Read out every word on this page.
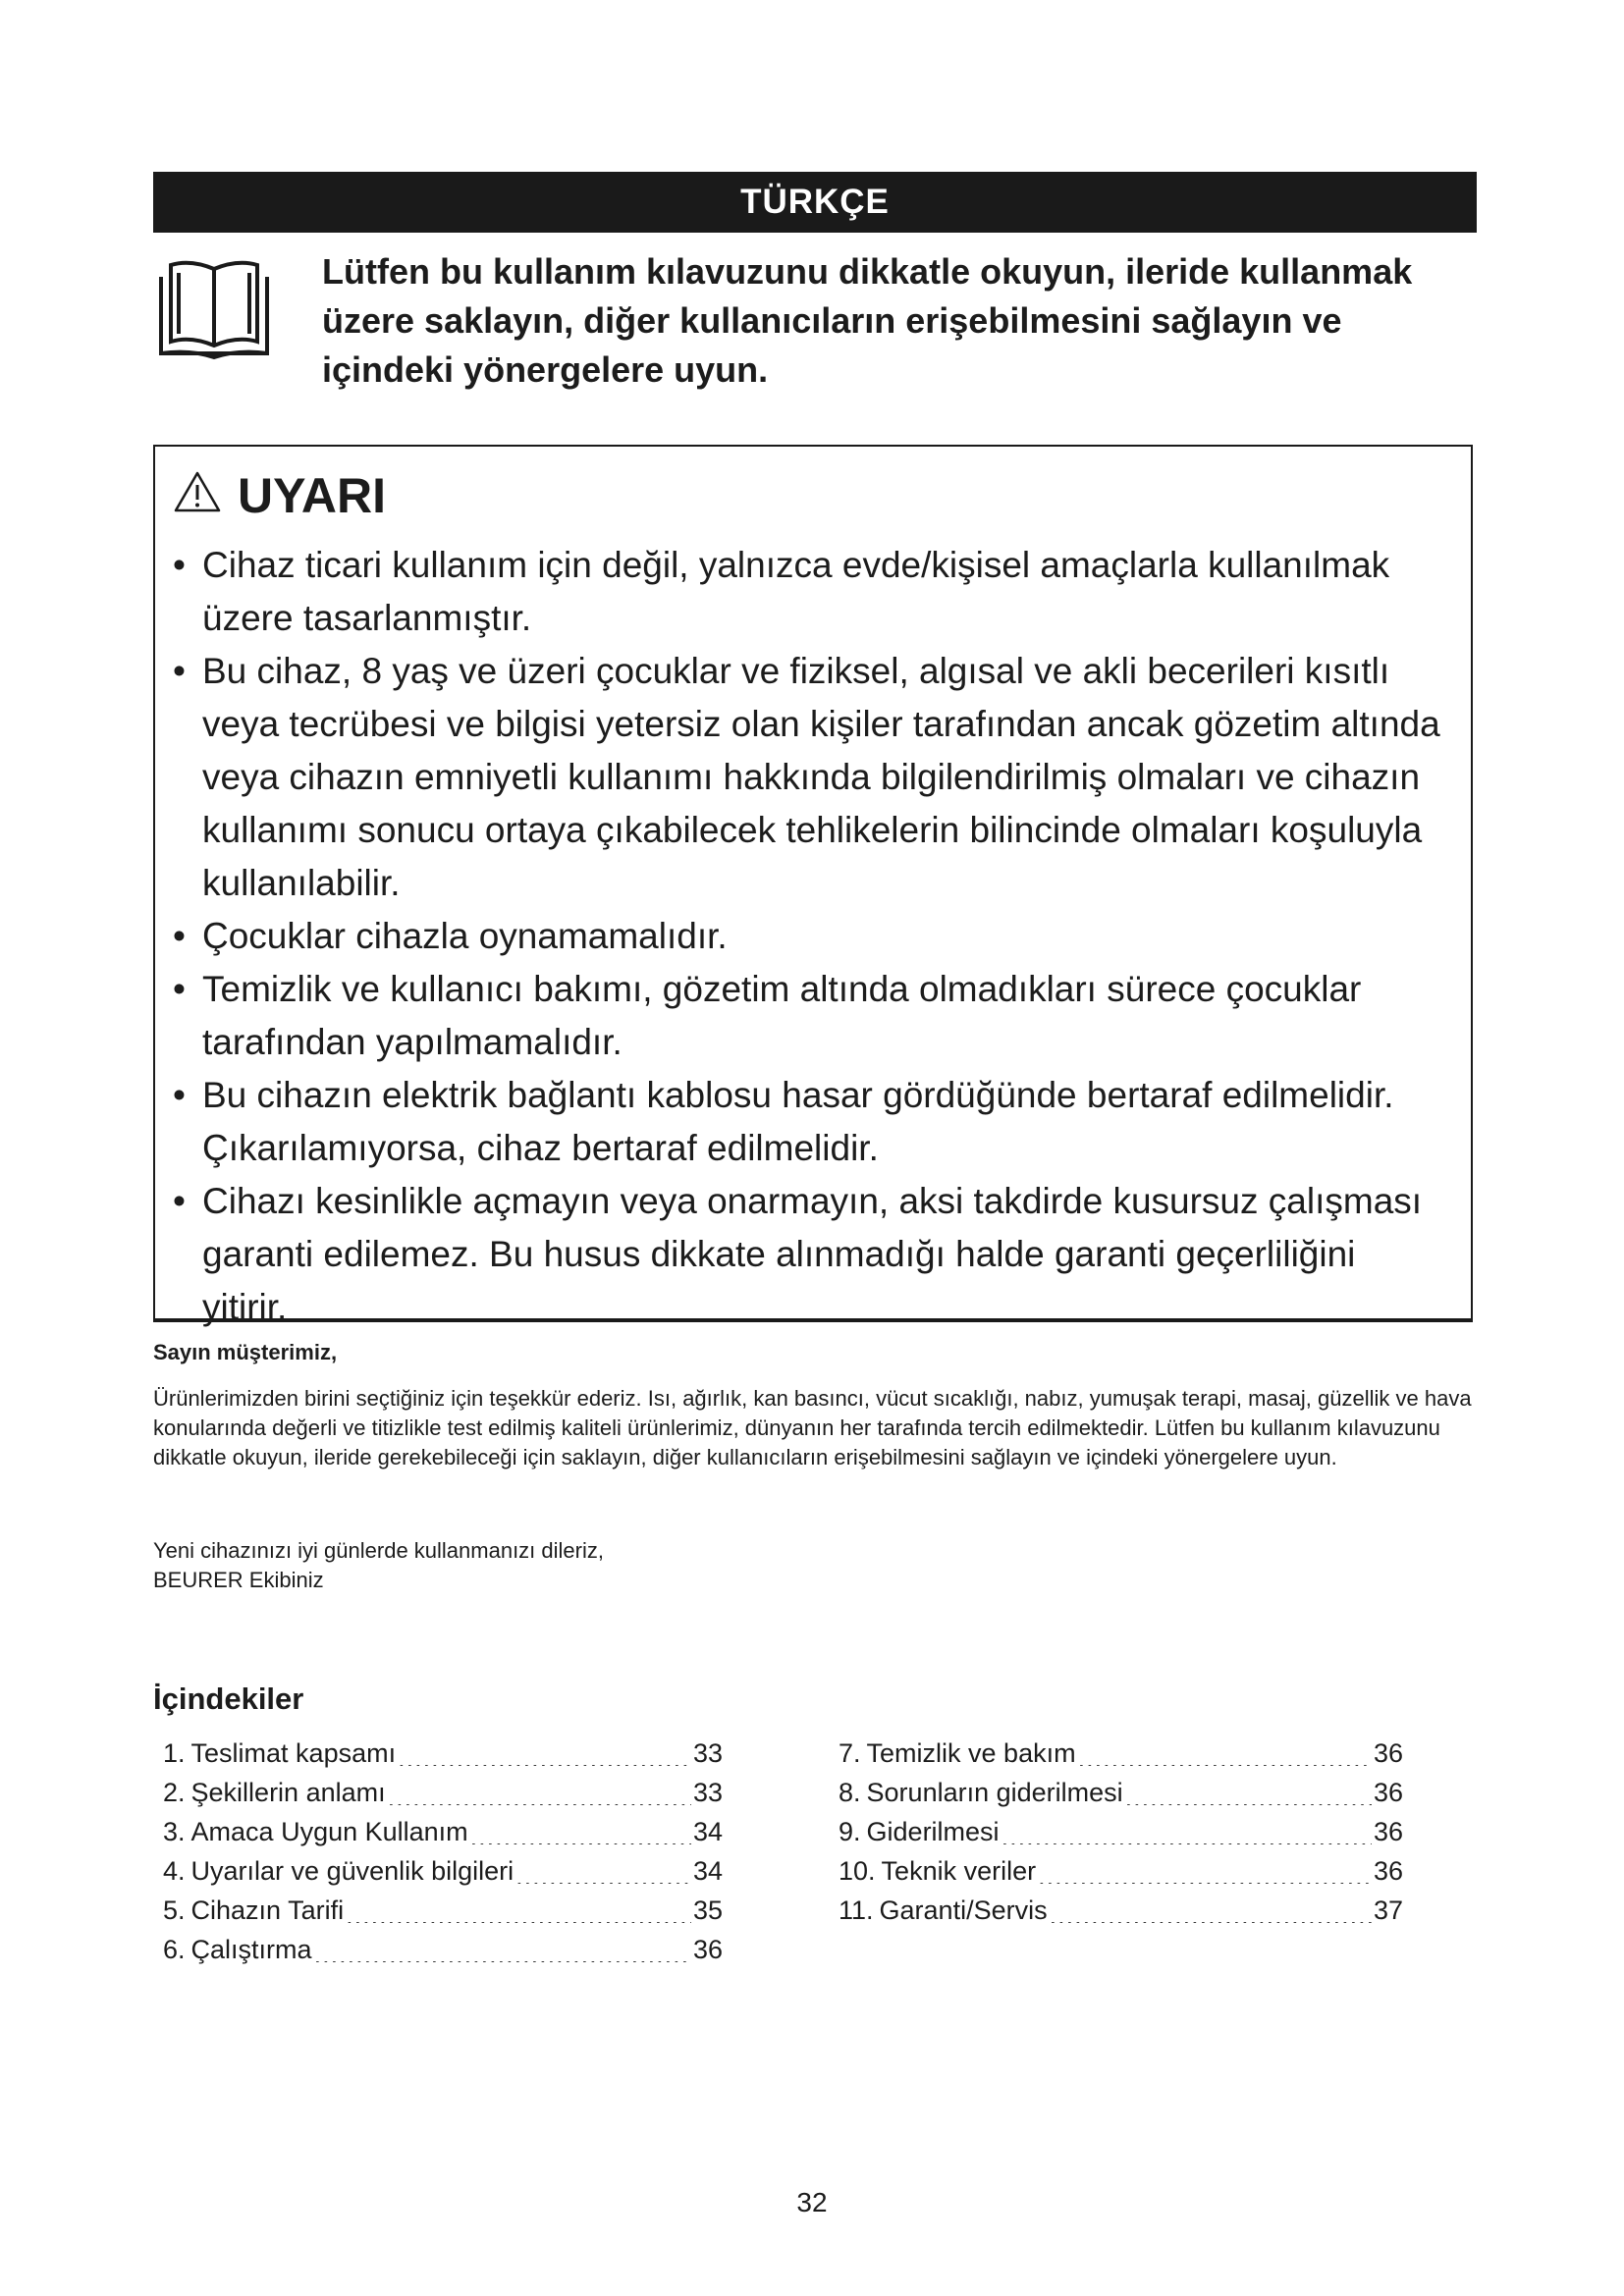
TÜRKÇE
Lütfen bu kullanım kılavuzunu dikkatle okuyun, ileride kullanmak üzere saklayın, diğer kullanıcıların erişebilmesini sağlayın ve içindeki yönergelere uyun.
UYARI
• Cihaz ticari kullanım için değil, yalnızca evde/kişisel amaçlarla kullanılmak üzere tasarlanmıştır.
• Bu cihaz, 8 yaş ve üzeri çocuklar ve fiziksel, algısal ve akli becerileri kısıtlı veya tecrübesi ve bilgisi yetersiz olan kişiler tarafından ancak gözetim altında veya cihazın emniyetli kullanımı hakkında bilgilendirilmiş olmaları ve cihazın kullanımı sonucu ortaya çıkabilecek tehlikelerin bilincinde olmaları koşuluyla kullanılabilir.
• Çocuklar cihazla oynamamalıdır.
• Temizlik ve kullanıcı bakımı, gözetim altında olmadıkları sürece çocuklar tarafından yapılmamalıdır.
• Bu cihazın elektrik bağlantı kablosu hasar gördüğünde bertaraf edilmelidir. Çıkarılamıyorsa, cihaz bertaraf edilmelidir.
• Cihazı kesinlikle açmayın veya onarmayın, aksi takdirde kusursuz çalışması garanti edilemez. Bu husus dikkate alınmadığı halde garanti geçerliliğini yitirir.
Sayın müşterimiz,
Ürünlerimizden birini seçtiğiniz için teşekkür ederiz. Isı, ağırlık, kan basıncı, vücut sıcaklığı, nabız, yumuşak terapi, masaj, güzellik ve hava konularında değerli ve titizlikle test edilmiş kaliteli ürünlerimiz, dünyanın her tarafında tercih edilmektedir. Lütfen bu kullanım kılavuzunu dikkatle okuyun, ileride gerekebileceği için saklayın, diğer kullanıcıların erişebilmesini sağlayın ve içindeki yönergelere uyun.
Yeni cihazınızı iyi günlerde kullanmanızı dileriz,
BEURER Ekibiniz
İçindekiler
1. Teslimat kapsamı .....	33
2. Şekillerin anlamı .....	33
3. Amaca Uygun Kullanım .....	34
4. Uyarılar ve güvenlik bilgileri .....	34
5. Cihazın Tarifi .....	35
6. Çalıştırma .....	36
7. Temizlik ve bakım .....	36
8. Sorunların giderilmesi .....	36
9. Giderilmesi .....	36
10. Teknik veriler .....	36
11. Garanti/Servis .....	37
32
